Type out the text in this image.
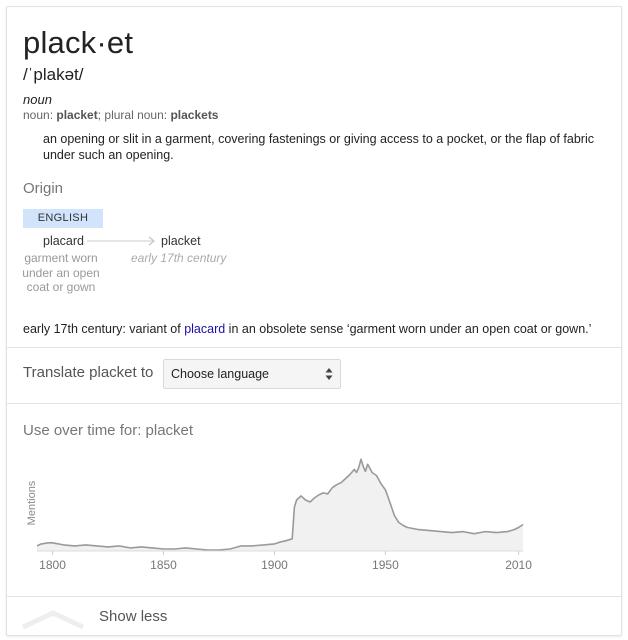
plack·et
/ˈplakət/
noun
noun: placket; plural noun: plackets
an opening or slit in a garment, covering fastenings or giving access to a pocket, or the flap of fabric under such an opening.
Origin
ENGLISH
placard
garment worn under an open coat or gown
placket
early 17th century
early 17th century: variant of placard in an obsolete sense ‘garment worn under an open coat or gown.’
Translate placket to	Choose language
Use over time for: placket
Mentions
1800	1850	1900	1950	2010
Show less
